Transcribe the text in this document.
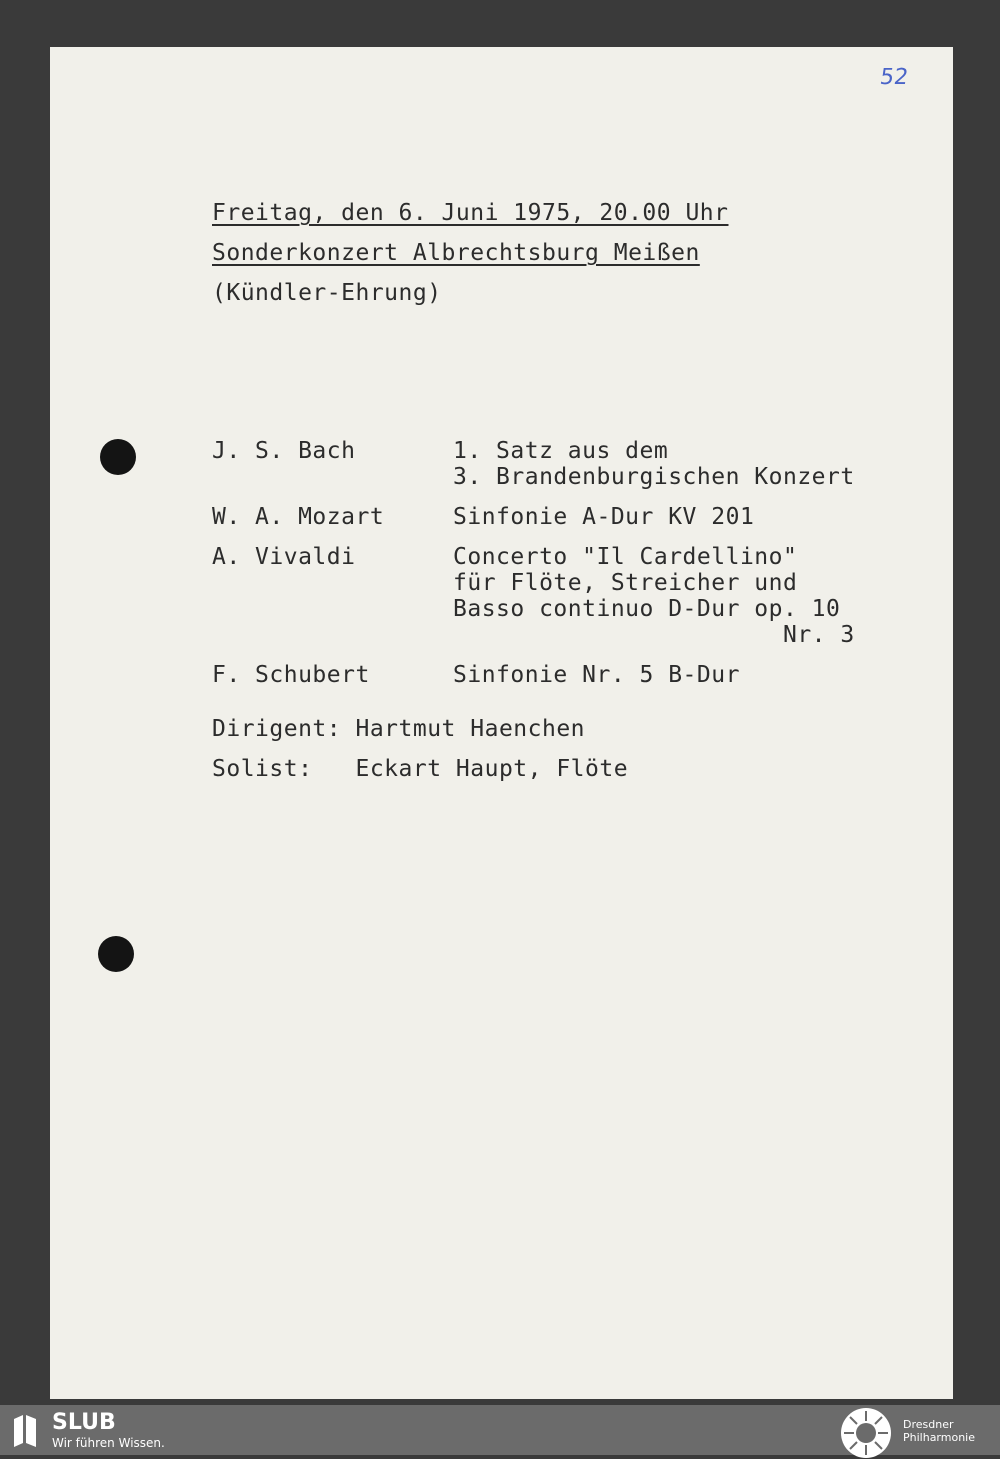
52
Freitag, den 6. Juni 1975, 20.00 Uhr
Sonderkonzert Albrechtsburg Meißen
(Kündler-Ehrung)
J. S. Bach	1. Satz aus dem
3. Brandenburgischen Konzert
W. A. Mozart	Sinfonie A-Dur KV 201
A. Vivaldi	Concerto "Il Cardellino"
für Flöte, Streicher und
Basso continuo D-Dur op. 10
Nr. 3
F. Schubert	Sinfonie Nr. 5 B-Dur
Dirigent: Hartmut Haenchen
Solist:   Eckart Haupt, Flöte
SLUB
Wir führen Wissen.
Dresdner
Philharmonie
